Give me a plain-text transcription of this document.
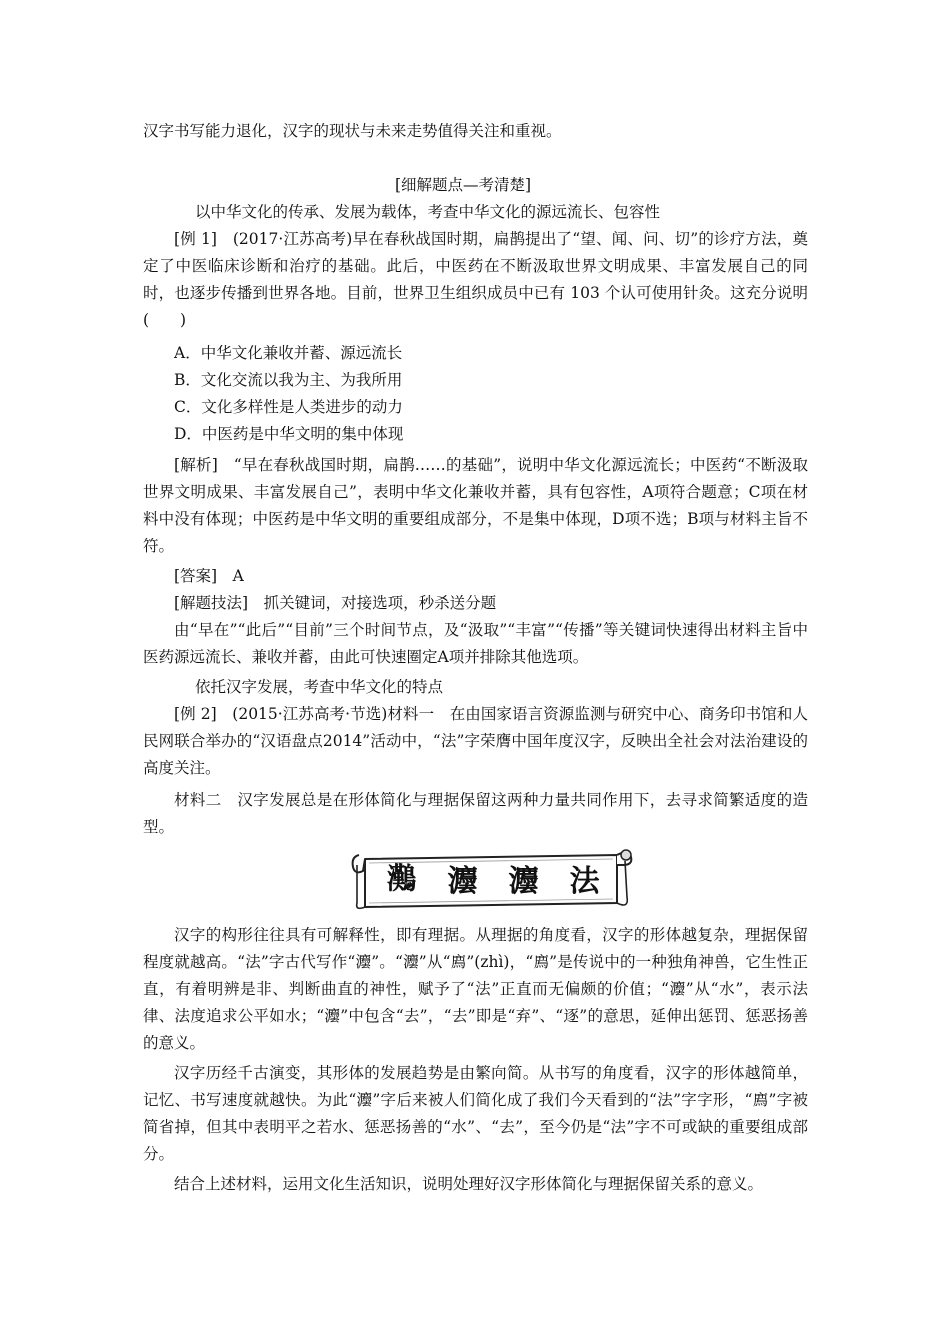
汉字书写能力退化，汉字的现状与未来走势值得关注和重视。

[细解题点—考清楚]

以中华文化的传承、发展为载体，考查中华文化的源远流长、包容性

[例 1]　(2017·江苏高考)早在春秋战国时期，扁鹊提出了“望、闻、问、切”的诊疗方法，奠定了中医临床诊断和治疗的基础。此后，中医药在不断汲取世界文明成果、丰富发展自己的同时，也逐步传播到世界各地。目前，世界卫生组织成员中已有 103 个认可使用针灸。这充分说明(　　)

A．中华文化兼收并蓄、源远流长

B．文化交流以我为主、为我所用

C．文化多样性是人类进步的动力

D．中医药是中华文明的集中体现

[解析]　“早在春秋战国时期，扁鹊……的基础”，说明中华文化源远流长；中医药“不断汲取世界文明成果、丰富发展自己”，表明中华文化兼收并蓄，具有包容性，A项符合题意；C项在材料中没有体现；中医药是中华文明的重要组成部分，不是集中体现，D项不选；B项与材料主旨不符。

[答案]　A

[解题技法]　抓关键词，对接选项，秒杀送分题

由“早在”“此后”“目前”三个时间节点，及“汲取”“丰富”“传播”等关键词快速得出材料主旨中医药源远流长、兼收并蓄，由此可快速圈定A项并排除其他选项。

依托汉字发展，考查中华文化的特点

[例 2]　(2015·江苏高考·节选)材料一　在由国家语言资源监测与研究中心、商务印书馆和人民网联合举办的“汉语盘点2014”活动中，“法”字荣膺中国年度汉字，反映出全社会对法治建设的高度关注。

材料二　汉字发展总是在形体简化与理据保留这两种力量共同作用下，去寻求简繁适度的造型。

𤅩 灋 灋 法

汉字的构形往往具有可解释性，即有理据。从理据的角度看，汉字的形体越复杂，理据保留程度就越高。“法”字古代写作“灋”。“灋”从“廌”(zhì)，“廌”是传说中的一种独角神兽，它生性正直，有着明辨是非、判断曲直的神性，赋予了“法”正直而无偏颇的价值；“灋”从“水”，表示法律、法度追求公平如水；“灋”中包含“去”，“去”即是“弃”、“逐”的意思，延伸出惩罚、惩恶扬善的意义。

汉字历经千古演变，其形体的发展趋势是由繁向简。从书写的角度看，汉字的形体越简单，记忆、书写速度就越快。为此“灋”字后来被人们简化成了我们今天看到的“法”字字形，“廌”字被简省掉，但其中表明平之若水、惩恶扬善的“水”、“去”，至今仍是“法”字不可或缺的重要组成部分。

结合上述材料，运用文化生活知识，说明处理好汉字形体简化与理据保留关系的意义。
